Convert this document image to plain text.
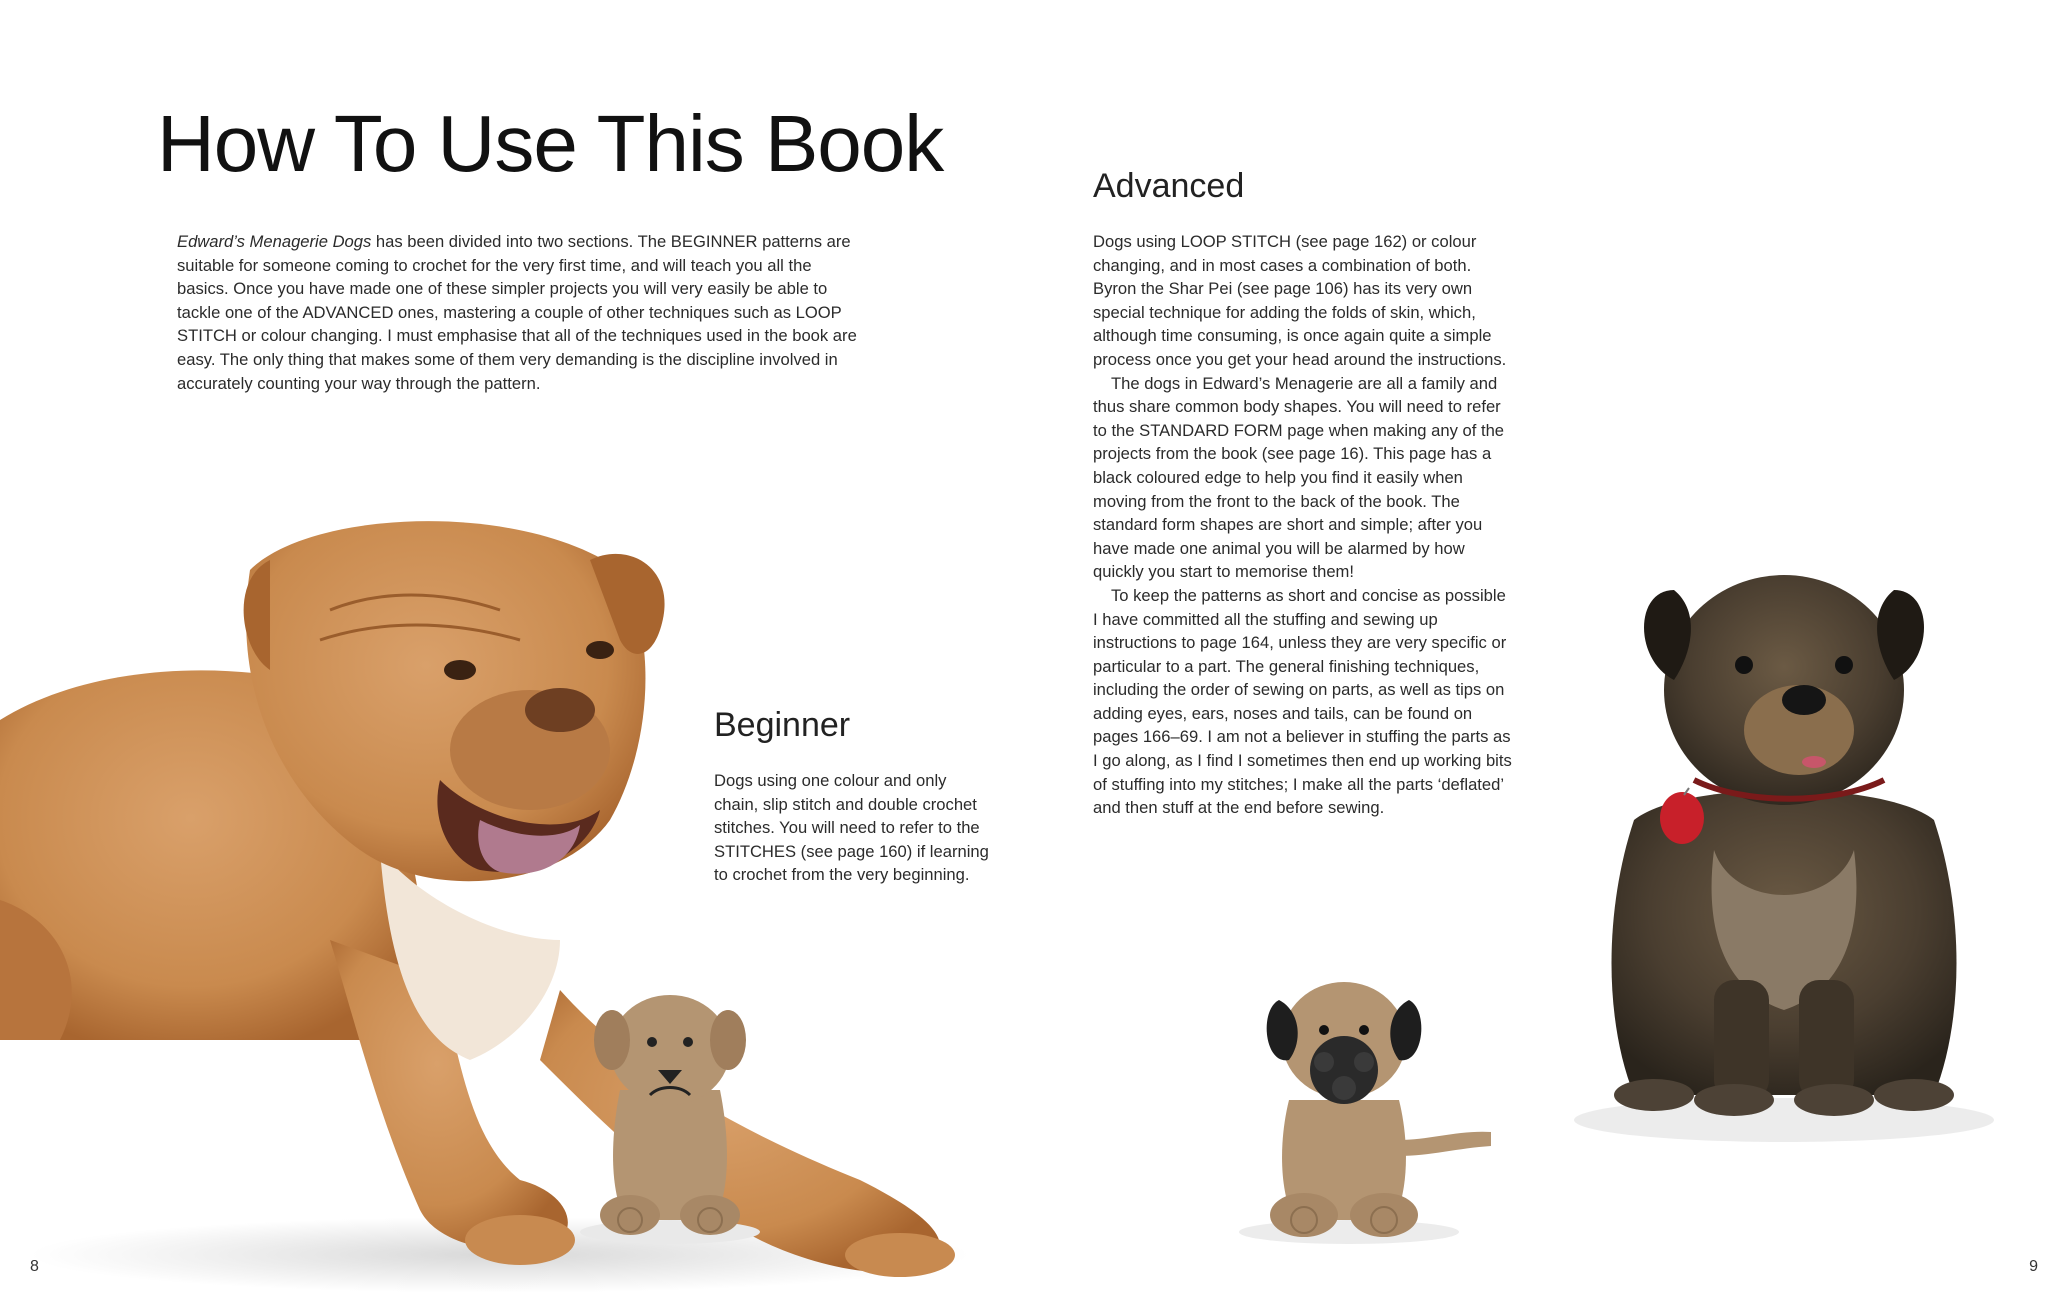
How To Use This Book

Edward’s Menagerie Dogs has been divided into two sections. The BEGINNER patterns are suitable for someone coming to crochet for the very first time, and will teach you all the basics. Once you have made one of these simpler projects you will very easily be able to tackle one of the ADVANCED ones, mastering a couple of other techniques such as LOOP STITCH or colour changing. I must emphasise that all of the techniques used in the book are easy. The only thing that makes some of them very demanding is the discipline involved in accurately counting your way through the pattern.

Beginner

Dogs using one colour and only chain, slip stitch and double crochet stitches. You will need to refer to the STITCHES (see page 160) if learning to crochet from the very beginning.

8
Advanced

Dogs using LOOP STITCH (see page 162) or colour changing, and in most cases a combination of both. Byron the Shar Pei (see page 106) has its very own special technique for adding the folds of skin, which, although time consuming, is once again quite a simple process once you get your head around the instructions.

The dogs in Edward’s Menagerie are all a family and thus share common body shapes. You will need to refer to the STANDARD FORM page when making any of the projects from the book (see page 16). This page has a black coloured edge to help you find it easily when moving from the front to the back of the book. The standard form shapes are short and simple; after you have made one animal you will be alarmed by how quickly you start to memorise them!

To keep the patterns as short and concise as possible I have committed all the stuffing and sewing up instructions to page 164, unless they are very specific or particular to a part. The general finishing techniques, including the order of sewing on parts, as well as tips on adding eyes, ears, noses and tails, can be found on pages 166–69. I am not a believer in stuffing the parts as I go along, as I find I sometimes then end up working bits of stuffing into my stitches; I make all the parts ‘deflated’ and then stuff at the end before sewing.

9
